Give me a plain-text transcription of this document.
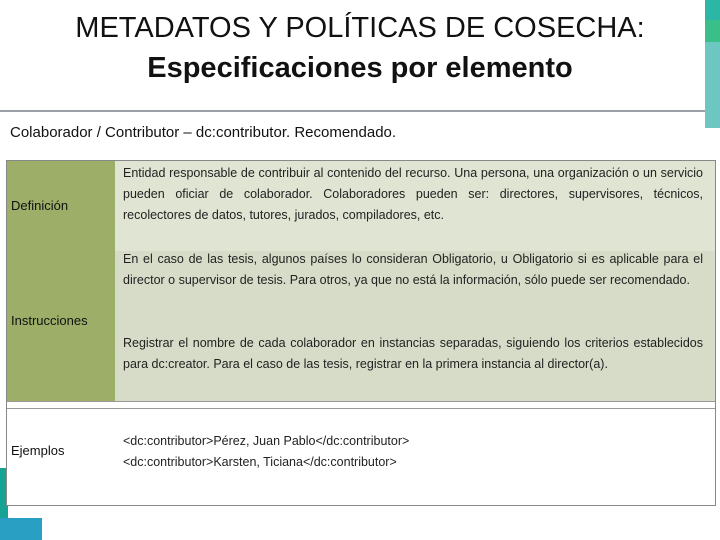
METADATOS Y POLÍTICAS DE COSECHA:
Especificaciones por elemento
Colaborador / Contributor – dc:contributor. Recomendado.
Definición

Entidad responsable de contribuir al contenido del recurso. Una persona, una organización o un servicio pueden oficiar de colaborador. Colaboradores pueden ser: directores, supervisores, técnicos, recolectores de datos, tutores, jurados, compiladores, etc.

Instrucciones

En el caso de las tesis, algunos países lo consideran Obligatorio, u Obligatorio si es aplicable para el director o supervisor de tesis. Para otros, ya que no está la información, sólo puede ser recomendado.

Registrar el nombre de cada colaborador en instancias separadas, siguiendo los criterios establecidos para dc:creator. Para el caso de las tesis, registrar en la primera instancia al director(a).

Ejemplos
<dc:contributor>Pérez, Juan Pablo</dc:contributor>
<dc:contributor>Karsten, Ticiana</dc:contributor>
